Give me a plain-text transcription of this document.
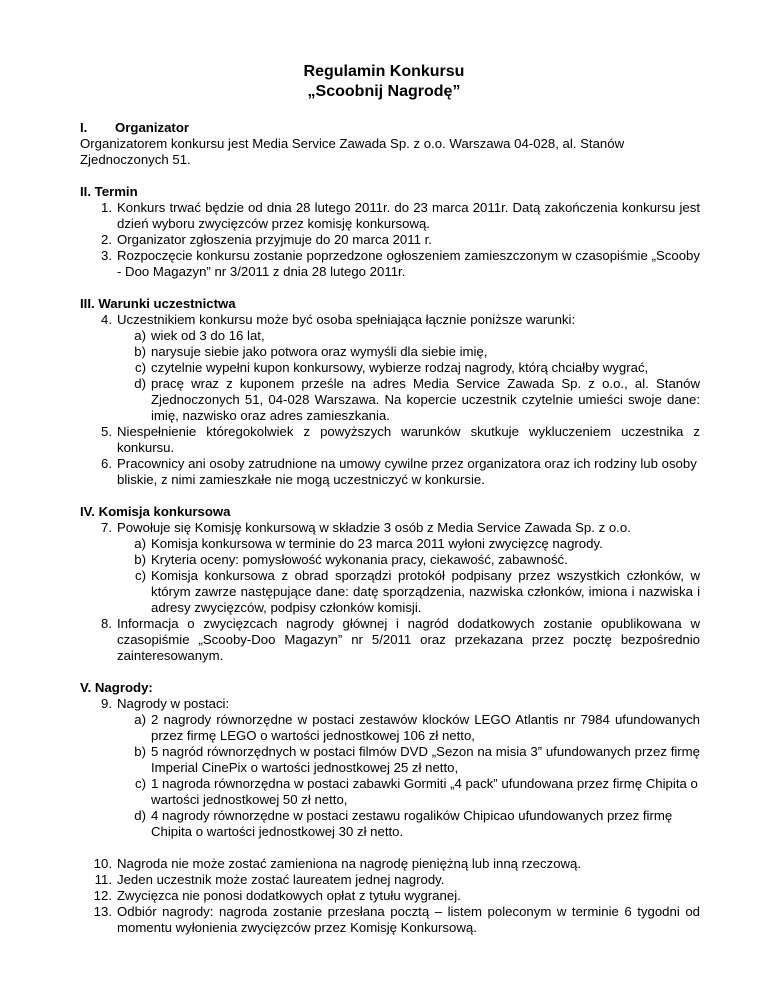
Regulamin Konkursu
„Scoobnij Nagrodę”
I.	Organizator

Organizatorem konkursu jest Media Service Zawada Sp. z o.o. Warszawa 04-028, al. Stanów Zjednoczonych 51.

II. Termin
1. Konkurs trwać będzie od dnia 28 lutego 2011r. do 23 marca 2011r. Datą zakończenia konkursu jest dzień wyboru zwycięzców przez komisję konkursową.
2. Organizator zgłoszenia przyjmuje do 20 marca 2011 r.
3. Rozpoczęcie konkursu zostanie poprzedzone ogłoszeniem zamieszczonym w czasopiśmie „Scooby - Doo Magazyn” nr 3/2011 z dnia 28 lutego 2011r.
III. Warunki uczestnictwa
4. Uczestnikiem konkursu może być osoba spełniająca łącznie poniższe warunki:
a) wiek od 3 do 16 lat,
b) narysuje siebie jako potwora oraz wymyśli dla siebie imię,
c) czytelnie wypełni kupon konkursowy, wybierze rodzaj nagrody, którą chciałby wygrać,
d) pracę wraz z kuponem prześle na adres Media Service Zawada Sp. z o.o., al. Stanów Zjednoczonych 51, 04-028 Warszawa. Na kopercie uczestnik czytelnie umieści swoje dane: imię, nazwisko oraz adres zamieszkania.
5. Niespełnienie któregokolwiek z powyższych warunków skutkuje wykluczeniem uczestnika z konkursu.
6. Pracownicy ani osoby zatrudnione na umowy cywilne przez organizatora oraz ich rodziny lub osoby bliskie, z nimi zamieszkałe nie mogą uczestniczyć w konkursie.
IV. Komisja konkursowa
7. Powołuje się Komisję konkursową w składzie 3 osób z Media Service Zawada Sp. z o.o.
a) Komisja konkursowa w terminie do 23 marca 2011 wyłoni zwycięzcę nagrody.
b) Kryteria oceny: pomysłowość wykonania pracy, ciekawość, zabawność.
c) Komisja konkursowa z obrad sporządzi protokół podpisany przez wszystkich członków, w którym zawrze następujące dane: datę sporządzenia, nazwiska członków, imiona i nazwiska i adresy zwycięzców, podpisy członków komisji.
8. Informacja o zwycięzcach nagrody głównej i nagród dodatkowych zostanie opublikowana w czasopiśmie „Scooby-Doo Magazyn” nr 5/2011 oraz przekazana przez pocztę bezpośrednio zainteresowanym.
V. Nagrody:
9. Nagrody w postaci:
a) 2 nagrody równorzędne w postaci zestawów klocków LEGO Atlantis nr 7984 ufundowanych przez firmę LEGO o wartości jednostkowej 106 zł netto,
b) 5 nagród równorzędnych w postaci filmów DVD „Sezon na misia 3” ufundowanych przez firmę Imperial CinePix o wartości jednostkowej 25 zł netto,
c) 1 nagroda równorzędna w postaci zabawki Gormiti „4 pack” ufundowana przez firmę Chipita o wartości jednostkowej 50 zł netto,
d) 4 nagrody równorzędne w postaci zestawu rogalików Chipicao ufundowanych przez firmę Chipita o wartości jednostkowej 30 zł netto.
10. Nagroda nie może zostać zamieniona na nagrodę pieniężną lub inną rzeczową.
11. Jeden uczestnik może zostać laureatem jednej nagrody.
12. Zwycięzca nie ponosi dodatkowych opłat z tytułu wygranej.
13. Odbiór nagrody: nagroda zostanie przesłana pocztą – listem poleconym w terminie 6 tygodni od momentu wyłonienia zwycięzców przez Komisję Konkursową.
